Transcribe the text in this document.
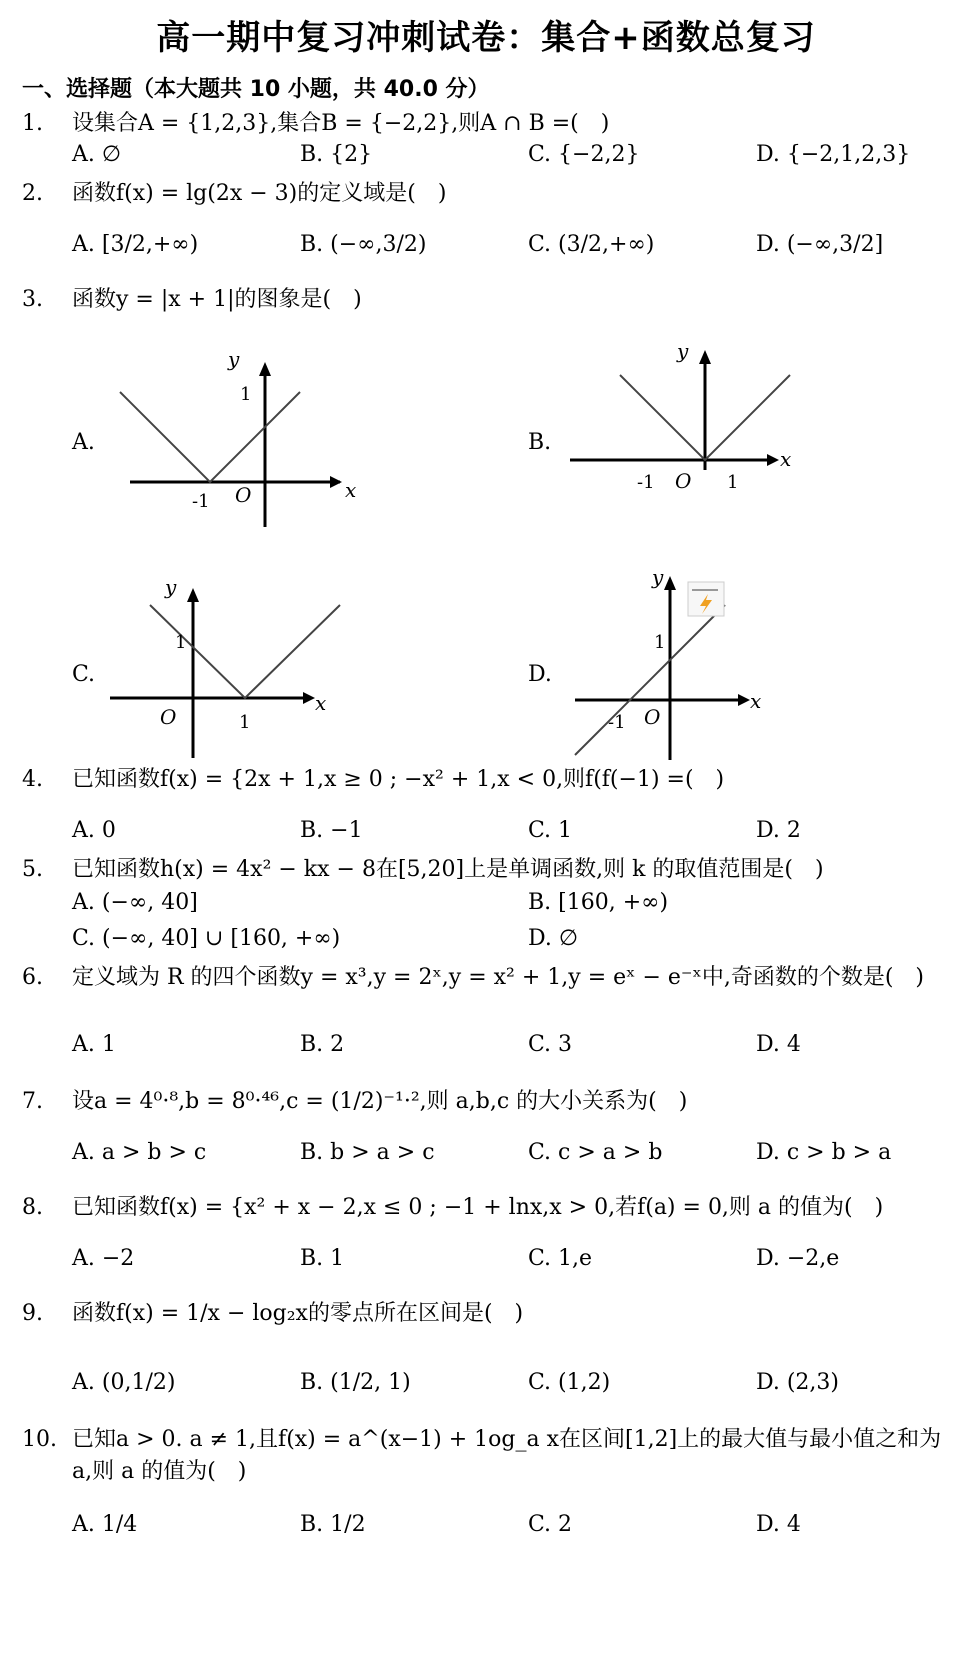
高一期中复习冲刺试卷：集合+函数总复习
一、选择题（本大题共 10 小题，共 40.0 分）
1.	设集合A = {1,2,3},集合B = {−2,2},则A ∩ B =(　)
A. ∅	B. {2}	C. {−2,2}	D. {−2,1,2,3}
2.	函数f(x) = lg(2x − 3)的定义域是(　)
A. [3/2,+∞)	B. (−∞,3/2)	C. (3/2,+∞)	D. (−∞,3/2]
3.	函数y = |x + 1|的图象是(　)
A.	B.
C.	D.
y
x
1
-1 O
y
x
-1 O 1
y
x
1
O	1
y
x
1
-1 O
4.	已知函数f(x) = {2x + 1,x ≥ 0 ; −x² + 1,x < 0,则f(f(−1) =(　)
A. 0	B. −1	C. 1	D. 2
5.	已知函数h(x) = 4x² − kx − 8在[5,20]上是单调函数,则 k 的取值范围是(　)
A. (−∞, 40]	B. [160, +∞)
C. (−∞, 40] ∪ [160, +∞)	D. ∅
6.	定义域为 R 的四个函数y = x³,y = 2ˣ,y = x² + 1,y = eˣ − e⁻ˣ中,奇函数的个数是(　)
A. 1	B. 2	C. 3	D. 4
7.	设a = 4⁰·⁸,b = 8⁰·⁴⁶,c = (1/2)⁻¹·²,则 a,b,c 的大小关系为(　)
A. a > b > c	B. b > a > c	C. c > a > b	D. c > b > a
8.	已知函数f(x) = {x² + x − 2,x ≤ 0 ; −1 + lnx,x > 0,若f(a) = 0,则 a 的值为(　)
A. −2	B. 1	C. 1,e	D. −2,e
9.	函数f(x) = 1/x − log₂x的零点所在区间是(　)
A. (0,1/2)	B. (1/2, 1)	C. (1,2)	D. (2,3)
10. 已知a > 0. a ≠ 1,且f(x) = a^(x−1) + 1og_a x在区间[1,2]上的最大值与最小值之和为 a,则 a 的值为(　)
A. 1/4	B. 1/2	C. 2	D. 4
